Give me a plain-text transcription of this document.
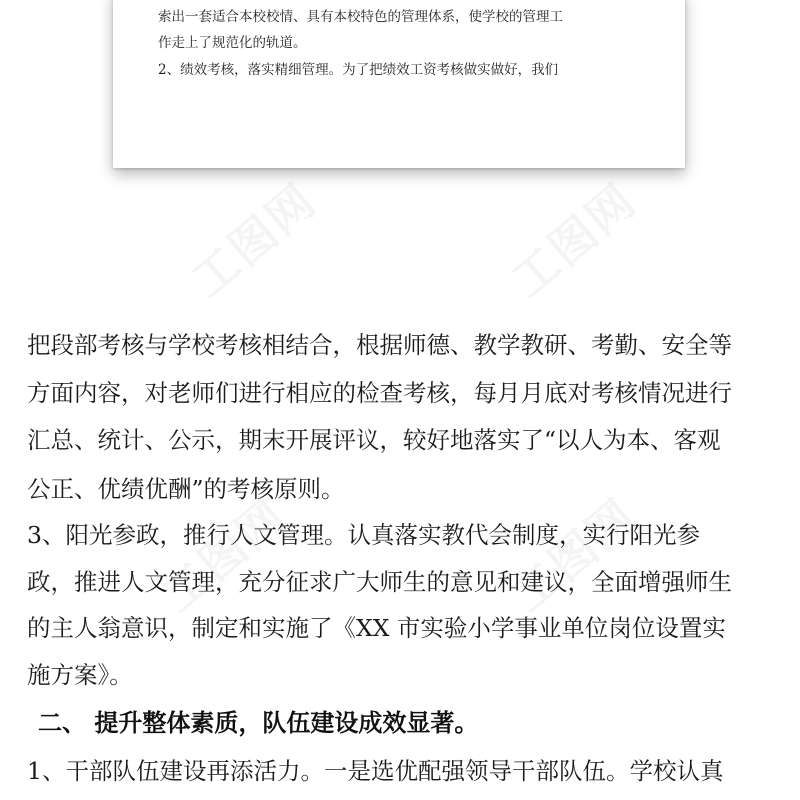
索出一套适合本校校情、具有本校特色的管理体系，使学校的管理工
作走上了规范化的轨道。
2、绩效考核，落实精细管理。为了把绩效工资考核做实做好，我们
把段部考核与学校考核相结合，根据师德、教学教研、考勤、安全等
方面内容，对老师们进行相应的检查考核，每月月底对考核情况进行
汇总、统计、公示，期末开展评议，较好地落实了“以人为本、客观
公正、优绩优酬”的考核原则。
3、阳光参政，推行人文管理。认真落实教代会制度，实行阳光参
政，推进人文管理，充分征求广大师生的意见和建议，全面增强师生
的主人翁意识，制定和实施了《XX 市实验小学事业单位岗位设置实
施方案》。
二、 提升整体素质，队伍建设成效显著。
1、干部队伍建设再添活力。一是选优配强领导干部队伍。学校认真
